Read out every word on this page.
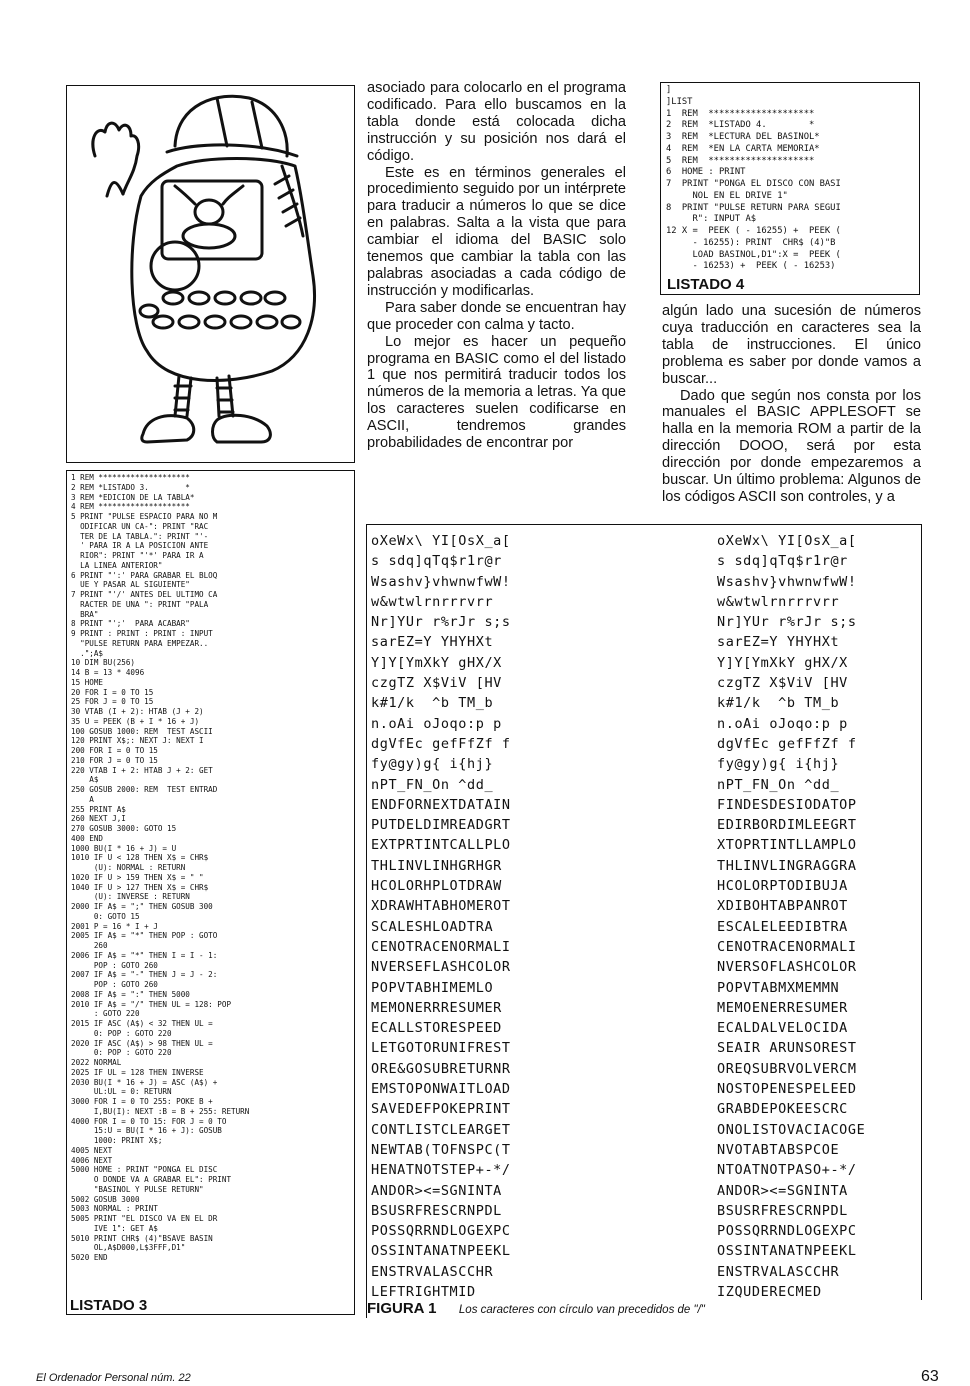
1 REM ********************
2 REM *LISTADO 3.        *
3 REM *EDICION DE LA TABLA*
4 REM ********************
5 PRINT "PULSE ESPACIO PARA NO M
ODIFICAR UN CA-": PRINT "RAC
TER DE LA TABLA.": PRINT "'-
' PARA IR A LA POSICION ANTE
RIOR": PRINT "'*' PARA IR A
LA LINEA ANTERIOR"
6 PRINT "':' PARA GRABAR EL BLOQ
UE Y PASAR AL SIGUIENTE"
7 PRINT "'/' ANTES DEL ULTIMO CA
RACTER DE UNA ": PRINT "PALA
BRA"
8 PRINT "';'  PARA ACABAR"
9 PRINT : PRINT : PRINT : INPUT
"PULSE RETURN PARA EMPEZAR..
.";A$
10 DIM BU(256)
14 B = 13 * 4096
15 HOME
20 FOR I = 0 TO 15
25 FOR J = 0 TO 15
30 VTAB (I + 2): HTAB (J + 2)
35 U = PEEK (B + I * 16 + J)
100 GOSUB 1000: REM  TEST ASCII
120 PRINT X$;: NEXT J: NEXT I
200 FOR I = 0 TO 15
210 FOR J = 0 TO 15
220 VTAB I + 2: HTAB J + 2: GET
A$
250 GOSUB 2000: REM  TEST ENTRAD
A
255 PRINT A$
260 NEXT J,I
270 GOSUB 3000: GOTO 15
400 END
1000 BU(I * 16 + J) = U
1010 IF U < 128 THEN X$ = CHR$
(U): NORMAL : RETURN
1020 IF U > 159 THEN X$ = " "
1040 IF U > 127 THEN X$ = CHR$
(U): INVERSE : RETURN
2000 IF A$ = ";" THEN GOSUB 300
0: GOTO 15
2001 P = 16 * I + J
2005 IF A$ = "*" THEN POP : GOTO
260
2006 IF A$ = "*" THEN I = I - 1:
POP : GOTO 260
2007 IF A$ = "-" THEN J = J - 2:
POP : GOTO 260
2008 IF A$ = ":" THEN 5000
2010 IF A$ = "/" THEN UL = 128: POP
: GOTO 220
2015 IF ASC (A$) < 32 THEN UL =
0: POP : GOTO 220
2020 IF ASC (A$) > 98 THEN UL =
0: POP : GOTO 220
2022 NORMAL
2025 IF UL = 128 THEN INVERSE
2030 BU(I * 16 + J) = ASC (A$) +
UL:UL = 0: RETURN
3000 FOR I = 0 TO 255: POKE B +
I,BU(I): NEXT :B = B + 255: RETURN
4000 FOR I = 0 TO 15: FOR J = 0 TO
15:U = BU(I * 16 + J): GOSUB
1000: PRINT X$;
4005 NEXT
4006 NEXT
5000 HOME : PRINT "PONGA EL DISC
O DONDE VA A GRABAR EL": PRINT
"BASINOL Y PULSE RETURN"
5002 GOSUB 3000
5003 NORMAL : PRINT
5005 PRINT "EL DISCO VA EN EL DR
IVE 1": GET A$
5010 PRINT CHR$ (4)"BSAVE BASIN
OL,A$D000,L$3FFF,D1"
5020 END
LISTADO 3

asociado para colocarlo en el programa codificado. Para ello buscamos en la tabla donde está colocada dicha instrucción y su posición nos dará el código.

Este es en términos generales el procedimiento seguido por un intérprete para traducir a números lo que se dice en palabras. Salta a la vista que para cambiar el idioma del BASIC solo tenemos que cambiar la tabla con las palabras asociadas a cada código de instrucción y modificarlas.

Para saber donde se encuentran hay que proceder con calma y tacto.

Lo mejor es hacer un pequeño programa en BASIC como el del listado 1 que nos permitirá traducir todos los números de la memoria a letras. Ya que los caracteres suelen codificarse en ASCII, tendremos grandes probabilidades de encontrar por

]
]LIST
1  REM  ********************
2  REM  *LISTADO 4.        *
3  REM  *LECTURA DEL BASINOL*
4  REM  *EN LA CARTA MEMORIA*
5  REM  ********************
6  HOME : PRINT
7  PRINT "PONGA EL DISCO CON BASI
NOL EN EL DRIVE 1"
8  PRINT "PULSE RETURN PARA SEGUI
R": INPUT A$
12 X =  PEEK ( - 16255) +  PEEK (
- 16255): PRINT  CHR$ (4)"B
LOAD BASINOL,D1":X =  PEEK (
- 16253) +  PEEK ( - 16253)
LISTADO 4

algún lado una sucesión de números cuya traducción en caracteres sea la tabla de instrucciones. El único problema es saber por donde vamos a buscar...

Dado que según nos consta por los manuales el BASIC APPLESOFT se halla en la memoria ROM a partir de la dirección DOOO, será por esta dirección por donde empezaremos a buscar. Un último problema: Algunos de los códigos ASCII son controles, y a

oXeWx\ YI[OsX_a[
s sdq]qTq$r1r@r
Wsashv}vhwnwfwW!
w&wtwlrnrrrvrr
Nr]YUr r%rJr s;s
sarEZ=Y YHYHXt
Y]Y[YmXkY gHX/X
czgTZ X$ViV [HV
k#1/k  ^b TM_b
n.oAi oJoqo:p p
dgVfEc gefFfZf f
fy@gy)g{ i{hj}
nPT_FN_On ^dd_
ENDFORNEXTDATAIN
PUTDELDIMREADGRT
EXTPRTINTCALLPLO
THLINVLINHGRHGR
HCOLORHPLOTDRAW
XDRAWHTABHOMEROT
SCALESHLOADTRA
CENOTRACENORMALI
NVERSEFLASHCOLOR
POPVTABHIMEMLO
MEMONERRRESUMER
ECALLSTORESPEED
LETGOTORUNIFREST
ORE&GOSUBRETURNR
EMSTOPONWAITLOAD
SAVEDEFPOKEPRINT
CONTLISTCLEARGET
NEWTAB(TOFNSPC(T
HENATNOTSTEP+-*/
ANDOR><=SGNINTA
BSUSRFRESCRNPDL
POSSQRRNDLOGEXPC
OSSINTANATNPEEKL
ENSTRVALASCCHR
LEFTRIGHTMID
oXeWx\ YI[OsX_a[
s sdq]qTq$r1r@r
Wsashv}vhwnwfwW!
w&wtwlrnrrrvrr
Nr]YUr r%rJr s;s
sarEZ=Y YHYHXt
Y]Y[YmXkY gHX/X
czgTZ X$ViV [HV
k#1/k  ^b TM_b
n.oAi oJoqo:p p
dgVfEc gefFfZf f
fy@gy)g{ i{hj}
nPT_FN_On ^dd_
FINDESDESIODATOP
EDIRBORDIMLEEGRT
XTOPRTINTLLAMPLO
THLINVLINGRAGGRA
HCOLORPTODIBUJA
XDIBOHTABPANROT
ESCALELEEDIBTRA
CENOTRACENORMALI
NVERSOFLASHCOLOR
POPVTABMXMEMMN
MEMOENERRESUMER
ECALDALVELOCIDA
SEAIR ARUNSOREST
OREQSUBRVOLVERCM
NOSTOPENESPELEED
GRABDEPOKEESCRC
ONOLISTOVACIACOGE
NVOTABTABSPCOE
NTOATNOTPASO+-*/
ANDOR><=SGNINTA
BSUSRFRESCRNPDL
POSSQRRNDLOGEXPC
OSSINTANATNPEEKL
ENSTRVALASCCHR
IZQUDERECMED
FIGURA 1 Los caracteres con círculo van precedidos de "/"
El Ordenador Personal núm. 22	63
